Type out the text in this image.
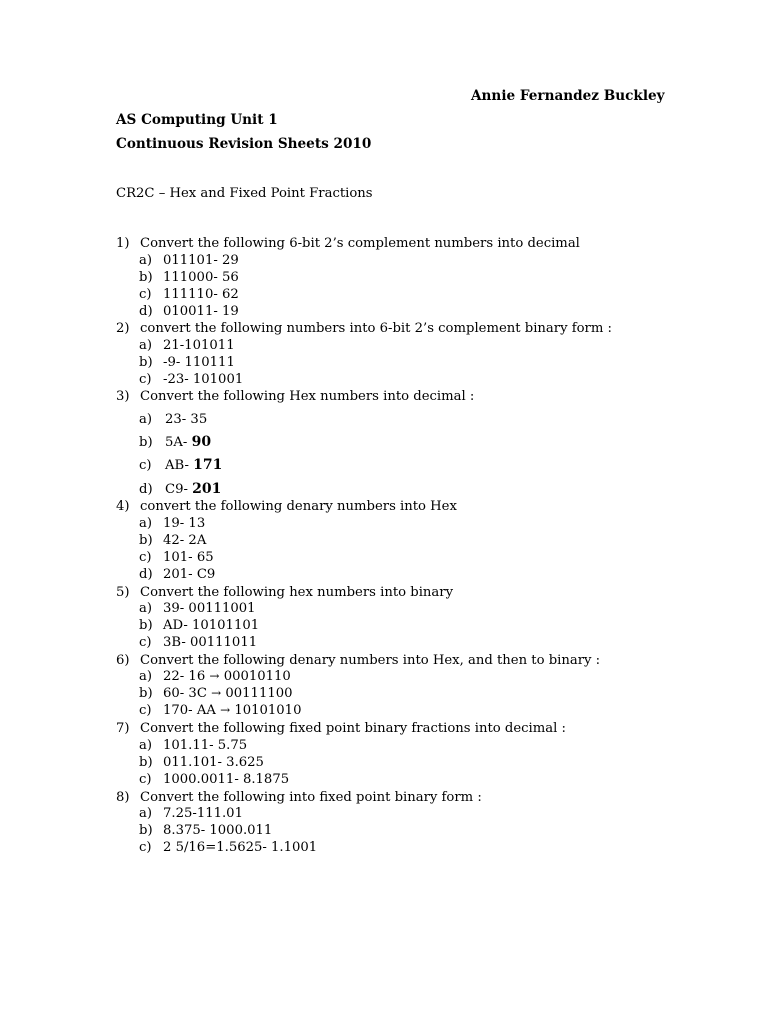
Annie Fernandez Buckley
AS Computing Unit 1
Continuous Revision Sheets 2010
CR2C – Hex and Fixed Point Fractions
1) Convert the following 6-bit 2’s complement numbers into decimal
a) 011101- 29
b) 111000- 56
c) 111110- 62
d) 010011- 19
2) convert the following numbers into 6-bit 2’s complement binary form :
a) 21-101011
b) -9- 110111
c) -23- 101001
3) Convert the following Hex numbers into decimal :
a) 23- 35
b) 5A- 90
c) AB- 171
d) C9- 201
4) convert the following denary numbers into Hex
a) 19- 13
b) 42- 2A
c) 101- 65
d) 201- C9
5) Convert the following hex numbers into binary
a) 39- 00111001
b) AD- 10101101
c) 3B- 00111011
6) Convert the following denary numbers into Hex, and then to binary :
a) 22- 16 → 00010110
b) 60- 3C → 00111100
c) 170- AA → 10101010
7) Convert the following fixed point binary fractions into decimal :
a) 101.11- 5.75
b) 011.101- 3.625
c) 1000.0011- 8.1875
8) Convert the following into fixed point binary form :
a) 7.25-111.01
b) 8.375- 1000.011
c) 2 5/16=1.5625- 1.1001
